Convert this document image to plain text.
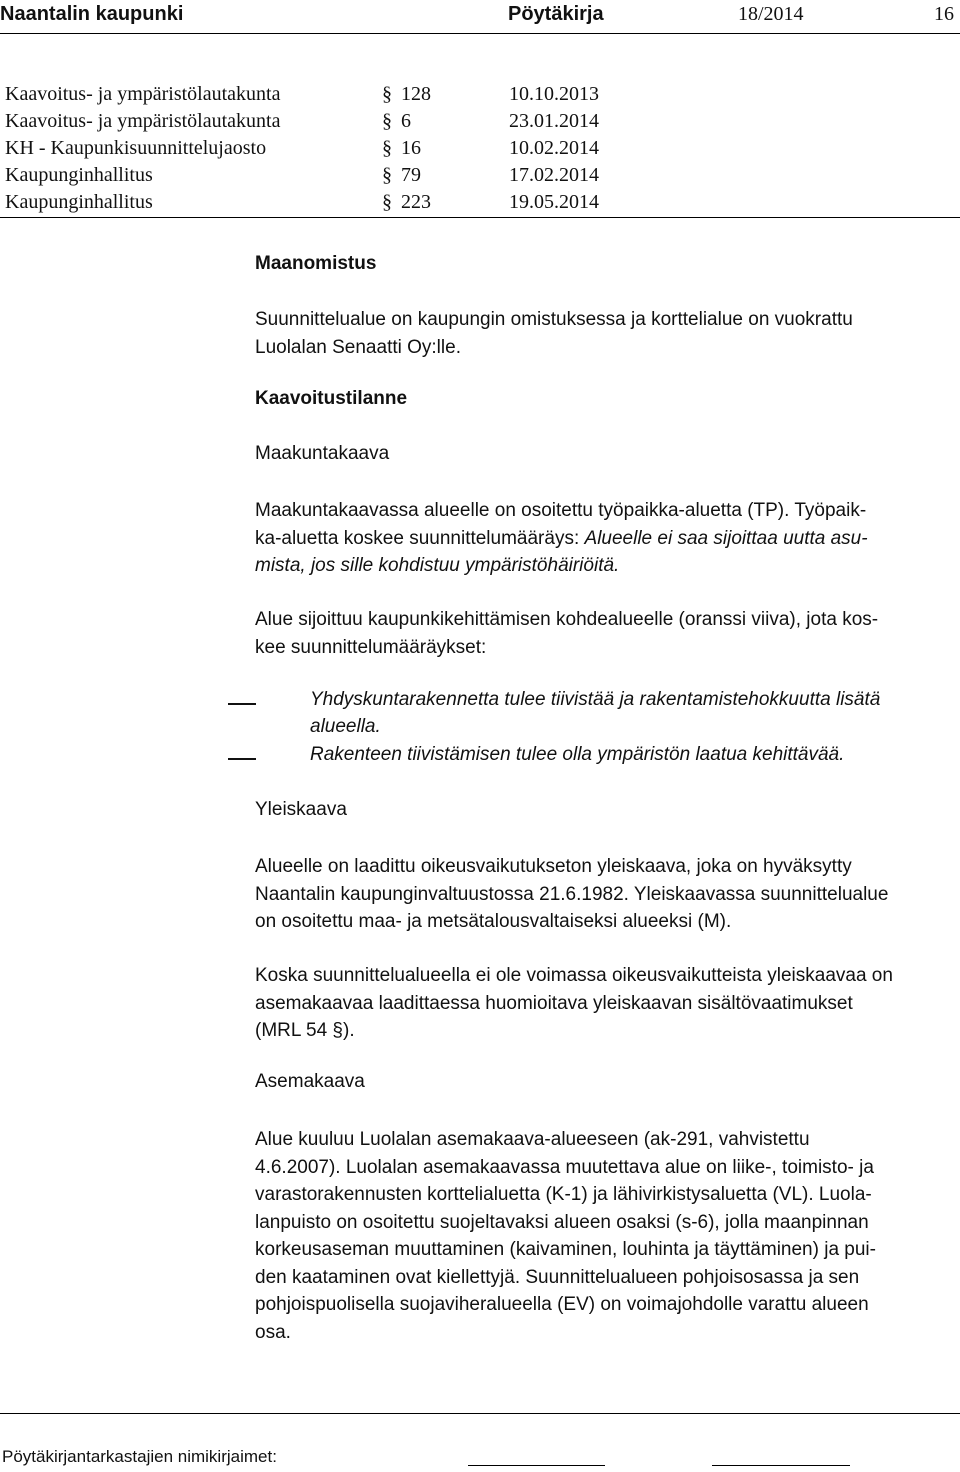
Naantalin kaupunki	Pöytäkirja	18/2014	16
Kaavoitus- ja ympäristölautakunta	§ 128	10.10.2013
Kaavoitus- ja ympäristölautakunta	§ 6	23.01.2014
KH - Kaupunkisuunnittelujaosto	§ 16	10.02.2014
Kaupunginhallitus	§ 79	17.02.2014
Kaupunginhallitus	§ 223	19.05.2014
Maanomistus
Suunnittelualue on kaupungin omistuksessa ja korttelialue on vuokrattu
Luolalan Senaatti Oy:lle.
Kaavoitustilanne
Maakuntakaava
Maakuntakaavassa alueelle on osoitettu työpaikka-aluetta (TP). Työpaik-
ka-aluetta koskee suunnittelumääräys: Alueelle ei saa sijoittaa uutta asu-
mista, jos sille kohdistuu ympäristöhäiriöitä.
Alue sijoittuu kaupunkikehittämisen kohdealueelle (oranssi viiva), jota kos-
kee suunnittelumääräykset:
Yhdyskuntarakennetta tulee tiivistää ja rakentamistehokkuutta lisätä
alueella.
Rakenteen tiivistämisen tulee olla ympäristön laatua kehittävää.
Yleiskaava
Alueelle on laadittu oikeusvaikutukseton yleiskaava, joka on hyväksytty
Naantalin kaupunginvaltuustossa 21.6.1982. Yleiskaavassa suunnittelualue
on osoitettu maa- ja metsätalousvaltaiseksi alueeksi (M).
Koska suunnittelualueella ei ole voimassa oikeusvaikutteista yleiskaavaa on
asemakaavaa laadittaessa huomioitava yleiskaavan sisältövaatimukset
(MRL 54 §).
Asemakaava
Alue kuuluu Luolalan asemakaava-alueeseen (ak-291, vahvistettu
4.6.2007). Luolalan asemakaavassa muutettava alue on liike-, toimisto- ja
varastorakennusten korttelialuetta (K-1) ja lähivirkistysaluetta (VL). Luola-
lanpuisto on osoitettu suojeltavaksi alueen osaksi (s-6), jolla maanpinnan
korkeusaseman muuttaminen (kaivaminen, louhinta ja täyttäminen) ja pui-
den kaataminen ovat kiellettyjä. Suunnittelualueen pohjoisosassa ja sen
pohjoispuolisella suojaviheralueella (EV) on voimajohdolle varattu alueen
osa.
Pöytäkirjantarkastajien nimikirjaimet:
